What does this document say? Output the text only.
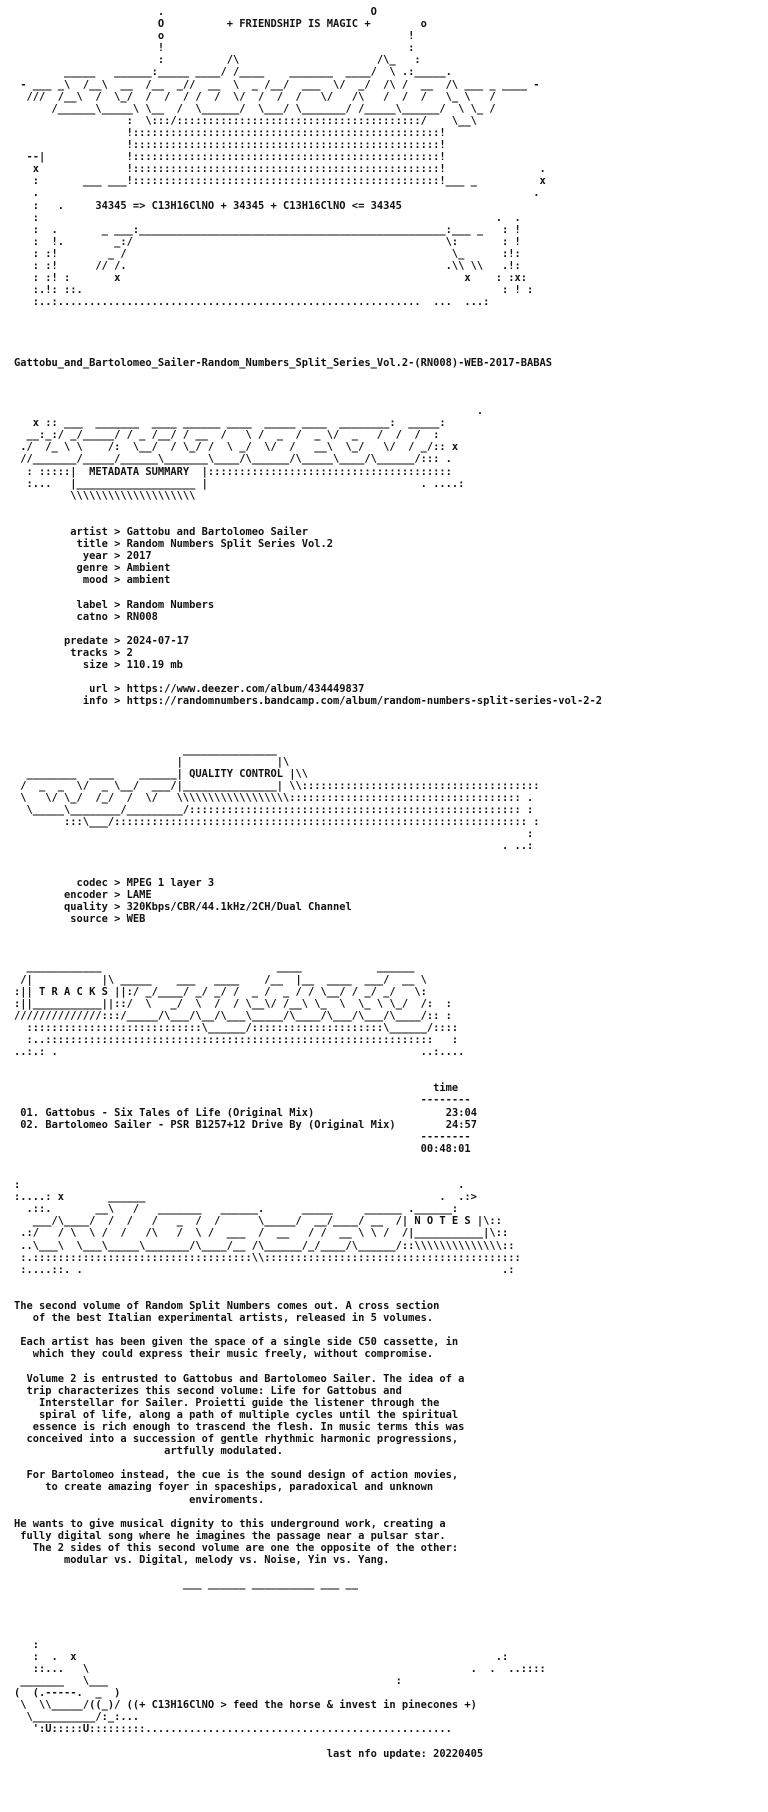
.                                 O
O          + FRIENDSHIP IS MAGIC +        o
o                                       !
!                                       :
:          /\                      /\_   :
_____   ______:_____ ____/ /____    _______  ____/  \ .:_____.
- ___ _\  /__\  __  /__  _//  __  \  _ /__/  ___  \/  _/  /\ /  __  /\ ___ _ ____ -
///  /__\  /  \_/  /  /  / /  /  \/  /  /  /   \/   /\   /  /  /   \_ \   /
/______\_____\ \__  /  \______/  \___/ \_______/ /_____\______/  \ \_ /
:  \:::/:::::::::::::::::::::::::::::::::::::::/    \__\
!:::::::::::::::::::::::::::::::::::::::::::::::::!
!:::::::::::::::::::::::::::::::::::::::::::::::::!
--|             !:::::::::::::::::::::::::::::::::::::::::::::::::!
x              !:::::::::::::::::::::::::::::::::::::::::::::::::!               .
:       ___ ___!:::::::::::::::::::::::::::::::::::::::::::::::::!___ _          x
.                                                                               .
:   .     34345 => C13H16ClNO + 34345 + C13H16ClNO <= 34345
:                                                                         .  .
:  .       _ ___:_________________________________________________:___ _   : !
:  !.        _:/                                                  \:       : !
: :!        _ /                                                    \_      :!:
: :!      // /.                                                   .\\ \\   .!:
: :! :       x                                                       x    : :x:
:.!: ::.                                                                   : ! :
:..:..........................................................  ...  ...:

Gattobu_and_Bartolomeo_Sailer-Random_Numbers_Split_Series_Vol.2-(RN008)-WEB-2017-BABAS

.
x :: ___  _______  ____ ______ ____  _____ ____  ________:  _____:
__:_:/ _/_____/ / _ /__/ / __  /   \ /  _  /  _ \/  _   /  /  /  :
./  /_ \ \    /:  \__/  / \_/ /  \ _/  \/  /   __\  \_/   \/  / _/:: x
//_______/_____/______\_______\____/\______/\_____\____/\______/::: .
: :::::|  METADATA SUMMARY  |:::::::::::::::::::::::::::::::::::::::
:...   |___________________ |                                  . ....:
\\\\\\\\\\\\\\\\\\\\

artist > Gattobu and Bartolomeo Sailer
title > Random Numbers Split Series Vol.2
year > 2017
genre > Ambient
mood > ambient

label > Random Numbers
catno > RN008

predate > 2024-07-17
tracks > 2
size > 110.19 mb

url > https://www.deezer.com/album/434449837
info > https://randomnumbers.bandcamp.com/album/random-numbers-split-series-vol-2-2

_______________
|               |\
________  ____    ______| QUALITY CONTROL |\\
/  _  _  \/  _ \__/  ___/|_______________| \\::::::::::::::::::::::::::::::::::::::
\   \/ \_/  /_/  /  \/   \\\\\\\\\\\\\\\\\\::::::::::::::::::::::::::::::::::::: .
\_____\________/_________/::::::::::::::::::::::::::::::::::::::::::::::::::::: :
:::\___/:::::::::::::::::::::::::::::::::::::::::::::::::::::::::::::::::: :
:
. ..:

codec > MPEG 1 layer 3
encoder > LAME
quality > 320Kbps/CBR/44.1kHz/2CH/Dual Channel
source > WEB

____________                            ____            ______
/|           |\ _____    ___   ____    /__  |__  ____  ___/  __ \
:|| T R A C K S ||:/ _/____/ _/ _/ /  _ /  _ / / \__/ / _/ _/   \:
:||___________||::/  \   _/  \  /  / \__\/ /__\ \_  \  \_ \ \_/  /:  :
//////////////:::/_____/\___/\__/\___\_____/\____/\___/\___/\____/:: :
::::::::::::::::::::::::::::\______/:::::::::::::::::::::\______/::::
:..::::::::::::::::::::::::::::::::::::::::::::::::::::::::::::::   :
..:.: .                                                          ..:....

time
--------
01. Gattobus - Six Tales of Life (Original Mix)	23:04
02. Bartolomeo Sailer - PSR B1257+12 Drive By (Original Mix)	24:57
--------
00:48:01

:                                                                      .
:....: x       ______                                               .  .:>
.::.       __\   /   _______   ______.      _____     ______ .______:
___/\____/  /  /   /   _  /  /      \_____/  __/____/ __  /| N O T E S |\::
.:/   / \  \ /  /   /\   /  \ /  ___  /  __   / /  __ \ \ /  /|___________|\::
..\___\  \___\_____\_______/\____/__ /\______/_/____/\______/::\\\\\\\\\\\\\\::
:.:::::::::::::::::::::::::::::::::::\\:::::::::::::::::::::::::::::::::::::::::
:....::. .                                                                   .:

The second volume of Random Split Numbers comes out. A cross section
of the best Italian experimental artists, released in 5 volumes.

Each artist has been given the space of a single side C50 cassette, in
which they could express their music freely, without compromise.

Volume 2 is entrusted to Gattobus and Bartolomeo Sailer. The idea of a
trip characterizes this second volume: Life for Gattobus and
Interstellar for Sailer. Proietti guide the listener through the
spiral of life, along a path of multiple cycles until the spiritual
essence is rich enough to trascend the flesh. In music terms this was
conceived into a succession of gentle rhythmic harmonic progressions,
artfully modulated.

For Bartolomeo instead, the cue is the sound design of action movies,
to create amazing foyer in spaceships, paradoxical and unknown
enviroments.

He wants to give musical dignity to this underground work, creating a
fully digital song where he imagines the passage near a pulsar star.
The 2 sides of this second volume are one the opposite of the other:
modular vs. Digital, melody vs. Noise, Yin vs. Yang.

___ ______ __________ ___ __

:
:  .  x                                                                   .:
::...   \                                                             .  .  ..::::
_______   \___                                              :
(  (.-----.  _  )
\  \\_____/((_)/ ((+ C13H16ClNO > feed the horse & invest in pinecones +)
\__________/:_:...
':U:::::U:::::::::.................................................

last nfo update: 20220405
